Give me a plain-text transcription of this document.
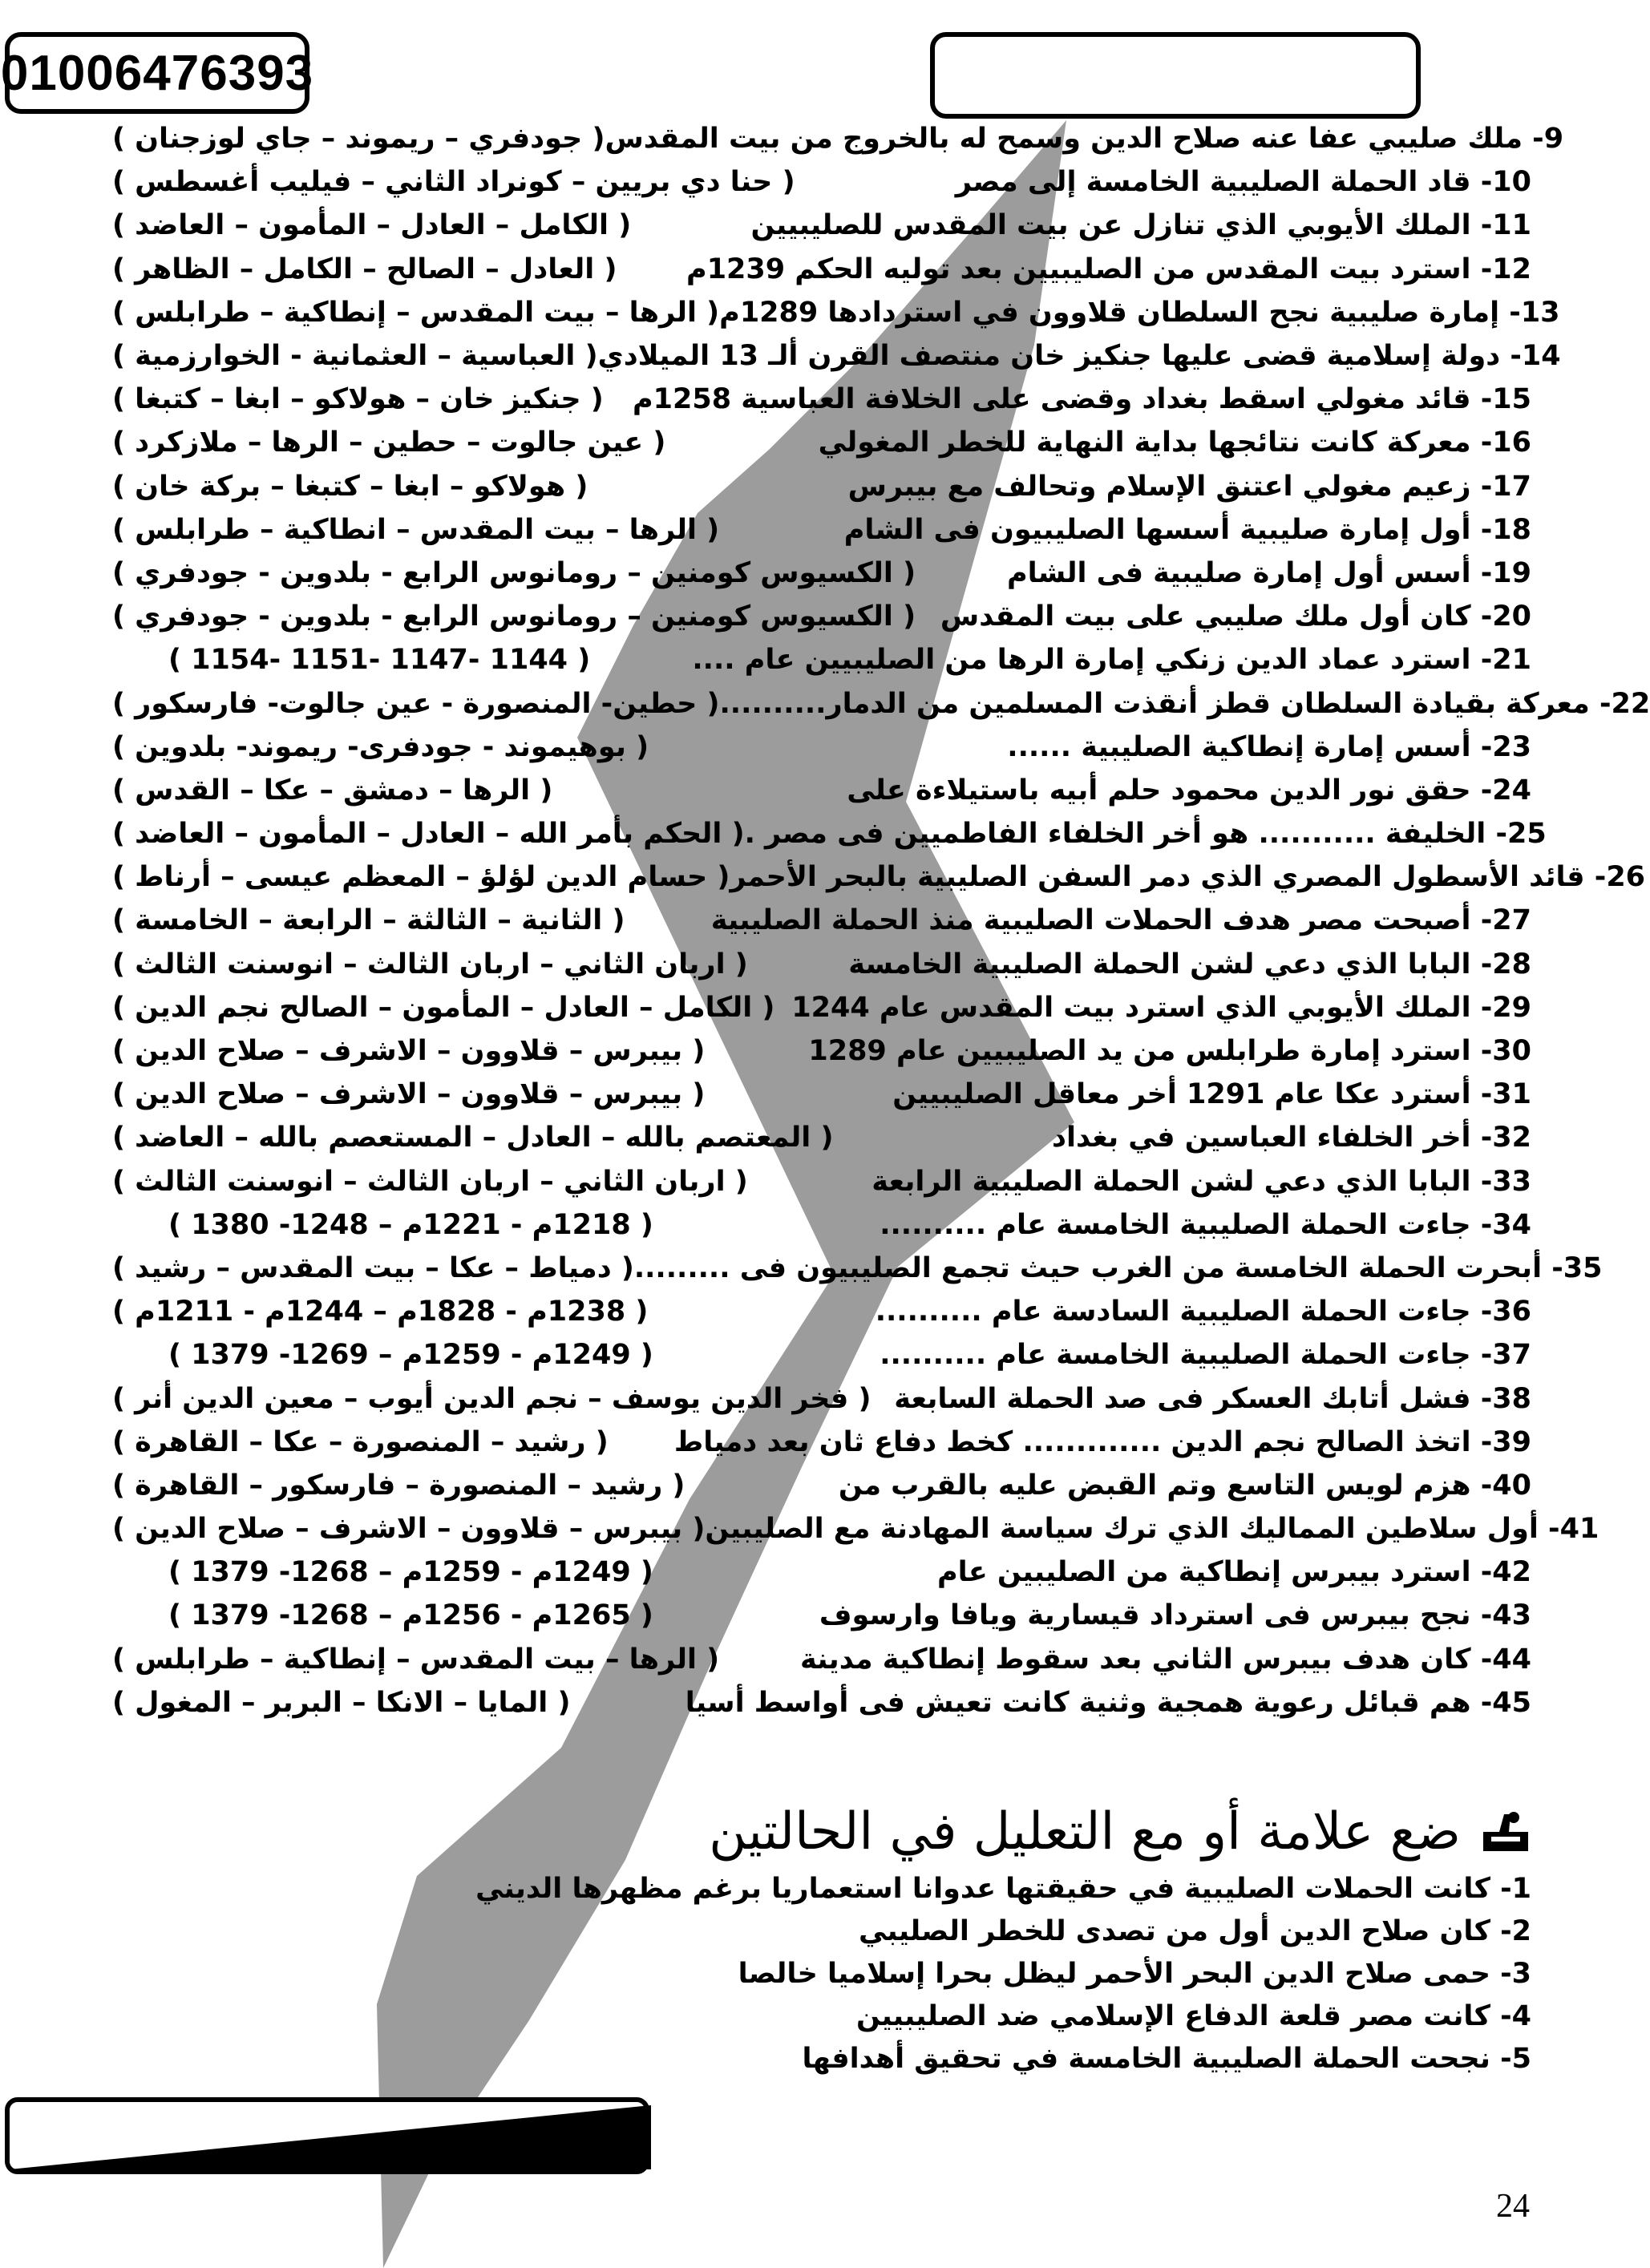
01006476393
( جودفري – ريموند – جاي لوزجنان ) 9- ملك صليبي عفا عنه صلاح الدين وسمح له بالخروج من بيت المقدس
( حنا دي بريين – كونراد الثاني – فيليب أغسطس )	10- قاد الحملة الصليبية الخامسة إلى مصر
( الكامل – العادل – المأمون – العاضد )	11- الملك الأيوبي الذي تنازل عن بيت المقدس للصليبيين
( العادل – الصالح – الكامل – الظاهر ) 12- استرد بيت المقدس من الصليبيين بعد توليه الحكم 1239م
( الرها – بيت المقدس – إنطاكية – طرابلس ) 13- إمارة صليبية نجح السلطان قلاوون في استردادها 1289م
( العباسية – العثمانية - الخوارزمية ) 14- دولة إسلامية قضى عليها جنكيز خان منتصف القرن ألـ 13 الميلادي
( جنكيز خان – هولاكو – ابغا – كتبغا ) 15- قائد مغولي اسقط بغداد وقضى على الخلافة العباسية 1258م
( عين جالوت – حطين – الرها – ملازكرد )	16- معركة كانت نتائجها بداية النهاية للخطر المغولي
( هولاكو – ابغا – كتبغا – بركة خان )	17- زعيم مغولي اعتنق الإسلام وتحالف مع بيبرس
( الرها – بيت المقدس – انطاكية – طرابلس )	18- أول إمارة صليبية أسسها الصليبيون فى الشام
( الكسيوس كومنين – رومانوس الرابع - بلدوين - جودفري )	19- أسس أول إمارة صليبية فى الشام
( الكسيوس كومنين – رومانوس الرابع - بلدوين - جودفري ) 20- كان أول ملك صليبي على بيت المقدس
( 1144 -1147 -1151 -1154 )	21- استرد عماد الدين زنكي إمارة الرها من الصليبيين عام ....
( حطين- المنصورة - عين جالوت- فارسكور ) 22- معركة بقيادة السلطان قطز أنقذت المسلمين من الدمار..........
( بوهيموند - جودفرى- ريموند- بلدوين )	23- أسس إمارة إنطاكية الصليبية ......
( الرها – دمشق – عكا – القدس )	24- حقق نور الدين محمود حلم أبيه باستيلاءة على
( الحكم بأمر الله – العادل – المأمون – العاضد ) 25- الخليفة ........... هو أخر الخلفاء الفاطميين فى مصر .
( حسام الدين لؤلؤ – المعظم عيسى – أرناط ) 26- قائد الأسطول المصري الذي دمر السفن الصليبية بالبحر الأحمر
( الثانية – الثالثة – الرابعة – الخامسة )	27- أصبحت مصر هدف الحملات الصليبية منذ الحملة الصليبية
( اربان الثاني – اربان الثالث – انوسنت الثالث )	28- البابا الذي دعي لشن الحملة الصليبية الخامسة
( الكامل – العادل – المأمون – الصالح نجم الدين ) 29- الملك الأيوبي الذي استرد بيت المقدس عام 1244
( بيبرس – قلاوون – الاشرف – صلاح الدين )	30- استرد إمارة طرابلس من يد الصليبيين عام 1289
( بيبرس – قلاوون – الاشرف – صلاح الدين )	31- أسترد عكا عام 1291 أخر معاقل الصليبيين
( المعتصم بالله – العادل – المستعصم بالله – العاضد )	32- أخر الخلفاء العباسين في بغداد
( اربان الثاني – اربان الثالث – انوسنت الثالث )	33- البابا الذي دعي لشن الحملة الصليبية الرابعة
( 1218م - 1221م – 1248- 1380 )	34- جاءت الحملة الصليبية الخامسة عام ..........
( دمياط – عكا – بيت المقدس – رشيد ) 35- أبحرت الحملة الخامسة من الغرب حيث تجمع الصليبيون فى .........
( 1238م - 1828م – 1244م - 1211م )	36- جاءت الحملة الصليبية السادسة عام ..........
( 1249م - 1259م – 1269- 1379 )	37- جاءت الحملة الصليبية الخامسة عام ..........
( فخر الدين يوسف – نجم الدين أيوب – معين الدين أنر ) 38- فشل أتابك العسكر فى صد الحملة السابعة
( رشيد – المنصورة – عكا – القاهرة ) 39- اتخذ الصالح نجم الدين ............. كخط دفاع ثان بعد دمياط
( رشيد – المنصورة – فارسكور – القاهرة )	40- هزم لويس التاسع وتم القبض عليه بالقرب من
( بيبرس – قلاوون – الاشرف – صلاح الدين ) 41- أول سلاطين المماليك الذي ترك سياسة المهادنة مع الصليبين
( 1249م - 1259م – 1268- 1379 )	42- استرد بيبرس إنطاكية من الصليبين عام
( 1265م - 1256م – 1268- 1379 )	43- نجح بيبرس فى استرداد قيسارية ويافا وارسوف
( الرها – بيت المقدس – إنطاكية – طرابلس )	44- كان هدف بيبرس الثاني بعد سقوط إنطاكية مدينة
( المايا – الانكا – البربر – المغول )	45- هم قبائل رعوية همجية وثنية كانت تعيش فى أواسط أسيا
ضع علامة أو مع التعليل في الحالتين
1- كانت الحملات الصليبية في حقيقتها عدوانا استعماريا برغم مظهرها الديني
2- كان صلاح الدين أول من تصدى للخطر الصليبي
3- حمى صلاح الدين البحر الأحمر ليظل بحرا إسلاميا خالصا
4- كانت مصر قلعة الدفاع الإسلامي ضد الصليبيين
5- نجحت الحملة الصليبية الخامسة في تحقيق أهدافها
24
